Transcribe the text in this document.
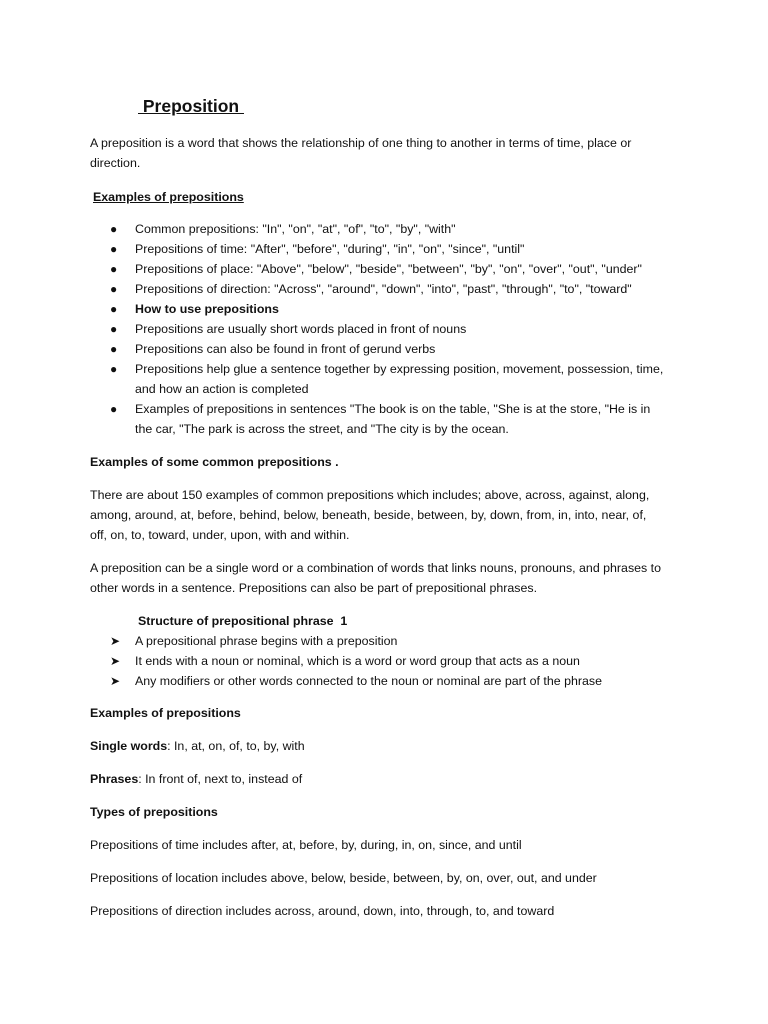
Preposition
A preposition is a word that shows the relationship of one thing to another in terms of time, place or
direction.
Examples of prepositions
● Common prepositions: "In", "on", "at", "of", "to", "by", "with"
● Prepositions of time: "After", "before", "during", "in", "on", "since", "until"
● Prepositions of place: "Above", "below", "beside", "between", "by", "on", "over", "out", "under"
● Prepositions of direction: "Across", "around", "down", "into", "past", "through", "to", "toward"
● How to use prepositions
● Prepositions are usually short words placed in front of nouns
● Prepositions can also be found in front of gerund verbs
● Prepositions help glue a sentence together by expressing position, movement, possession, time,
and how an action is completed
● Examples of prepositions in sentences "The book is on the table, "She is at the store, "He is in
the car, "The park is across the street, and "The city is by the ocean.
Examples of some common prepositions .
There are about 150 examples of common prepositions which includes; above, across, against, along,
among, around, at, before, behind, below, beneath, beside, between, by, down, from, in, into, near, of,
off, on, to, toward, under, upon, with and within.
A preposition can be a single word or a combination of words that links nouns, pronouns, and phrases to
other words in a sentence. Prepositions can also be part of prepositional phrases.
Structure of prepositional phrase  1
➤ A prepositional phrase begins with a preposition
➤ It ends with a noun or nominal, which is a word or word group that acts as a noun
➤ Any modifiers or other words connected to the noun or nominal are part of the phrase
Examples of prepositions
Single words: In, at, on, of, to, by, with
Phrases: In front of, next to, instead of
Types of prepositions
Prepositions of time includes after, at, before, by, during, in, on, since, and until
Prepositions of location includes above, below, beside, between, by, on, over, out, and under
Prepositions of direction includes across, around, down, into, through, to, and toward
